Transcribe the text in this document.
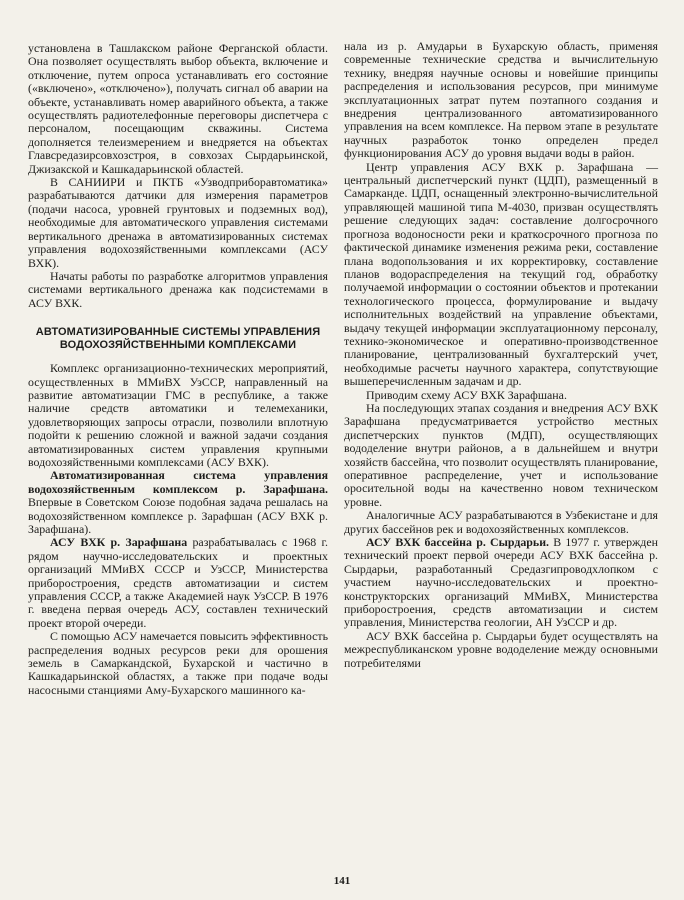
установлена в Ташлакском районе Ферганской области. Она позволяет осуществлять выбор объекта, включение и отключение, путем опроса устанавливать его состояние («включено», «отключено»), получать сигнал об аварии на объекте, устанавливать номер аварийного объекта, а также осуществлять радиотелефонные переговоры диспетчера с персоналом, посещающим скважины. Система дополняется телеизмерением и внедряется на объектах Главсредазирсовхозстроя, в совхозах Сырдарьинской, Джизакской и Кашкадарьинской областей.

В САНИИРИ и ПКТБ «Узводприборавтоматика» разрабатываются датчики для измерения параметров (подачи насоса, уровней грунтовых и подземных вод), необходимые для автоматического управления системами вертикального дренажа в автоматизированных системах управления водохозяйственными комплексами (АСУ ВХК).

Начаты работы по разработке алгоритмов управления системами вертикального дренажа как подсистемами в АСУ ВХК.

АВТОМАТИЗИРОВАННЫЕ СИСТЕМЫ УПРАВЛЕНИЯ ВОДОХОЗЯЙСТВЕННЫМИ КОМПЛЕКСАМИ

Комплекс организационно-технических мероприятий, осуществленных в ММиВХ УзССР, направленный на развитие автоматизации ГМС в республике, а также наличие средств автоматики и телемеханики, удовлетворяющих запросы отрасли, позволили вплотную подойти к решению сложной и важной задачи создания автоматизированных систем управления крупными водохозяйственными комплексами (АСУ ВХК).

Автоматизированная система управления водохозяйственным комплексом р. Зарафшана. Впервые в Советском Союзе подобная задача решалась на водохозяйственном комплексе р. Зарафшан (АСУ ВХК р. Зарафшана).

АСУ ВХК р. Зарафшана разрабатывалась с 1968 г. рядом научно-исследовательских и проектных организаций ММиВХ СССР и УзССР, Министерства приборостроения, средств автоматизации и систем управления СССР, а также Академией наук УзССР. В 1976 г. введена первая очередь АСУ, составлен технический проект второй очереди.

С помощью АСУ намечается повысить эффективность распределения водных ресурсов реки для орошения земель в Самаркандской, Бухарской и частично в Кашкадарьинской областях, а также при подаче воды насосными станциями Аму-Бухарского машинного ка-

нала из р. Амударьи в Бухарскую область, применяя современные технические средства и вычислительную технику, внедряя научные основы и новейшие принципы распределения и использования ресурсов, при минимуме эксплуатационных затрат путем поэтапного создания и внедрения централизованного автоматизированного управления на всем комплексе. На первом этапе в результате научных разработок тонко определен предел функционирования АСУ до уровня выдачи воды в район.

Центр управления АСУ ВХК р. Зарафшана — центральный диспетчерский пункт (ЦДП), размещенный в Самарканде. ЦДП, оснащенный электронно-вычислительной управляющей машиной типа М-4030, призван осуществлять решение следующих задач: составление долгосрочного прогноза водоносности реки и краткосрочного прогноза по фактической динамике изменения режима реки, составление плана водопользования и их корректировку, составление планов водораспределения на текущий год, обработку получаемой информации о состоянии объектов и протекании технологического процесса, формулирование и выдачу исполнительных воздействий на управление объектами, выдачу текущей информации эксплуатационному персоналу, технико-экономическое и оперативно-производственное планирование, централизованный бухгалтерский учет, необходимые расчеты научного характера, сопутствующие вышеперечисленным задачам и др.

Приводим схему АСУ ВХК Зарафшана.

На последующих этапах создания и внедрения АСУ ВХК Зарафшана предусматривается устройство местных диспетчерских пунктов (МДП), осуществляющих вододеление внутри районов, а в дальнейшем и внутри хозяйств бассейна, что позволит осуществлять планирование, оперативное распределение, учет и использование оросительной воды на качественно новом техническом уровне.

Аналогичные АСУ разрабатываются в Узбекистане и для других бассейнов рек и водохозяйственных комплексов.

АСУ ВХК бассейна р. Сырдарьи. В 1977 г. утвержден технический проект первой очереди АСУ ВХК бассейна р. Сырдарьи, разработанный Средазгипроводхлопком с участием научно-исследовательских и проектно-конструкторских организаций ММиВХ, Министерства приборостроения, средств автоматизации и систем управления, Министерства геологии, АН УзССР и др.

АСУ ВХК бассейна р. Сырдарьи будет осуществлять на межреспубликанском уровне вододеление между основными потребителями

141
